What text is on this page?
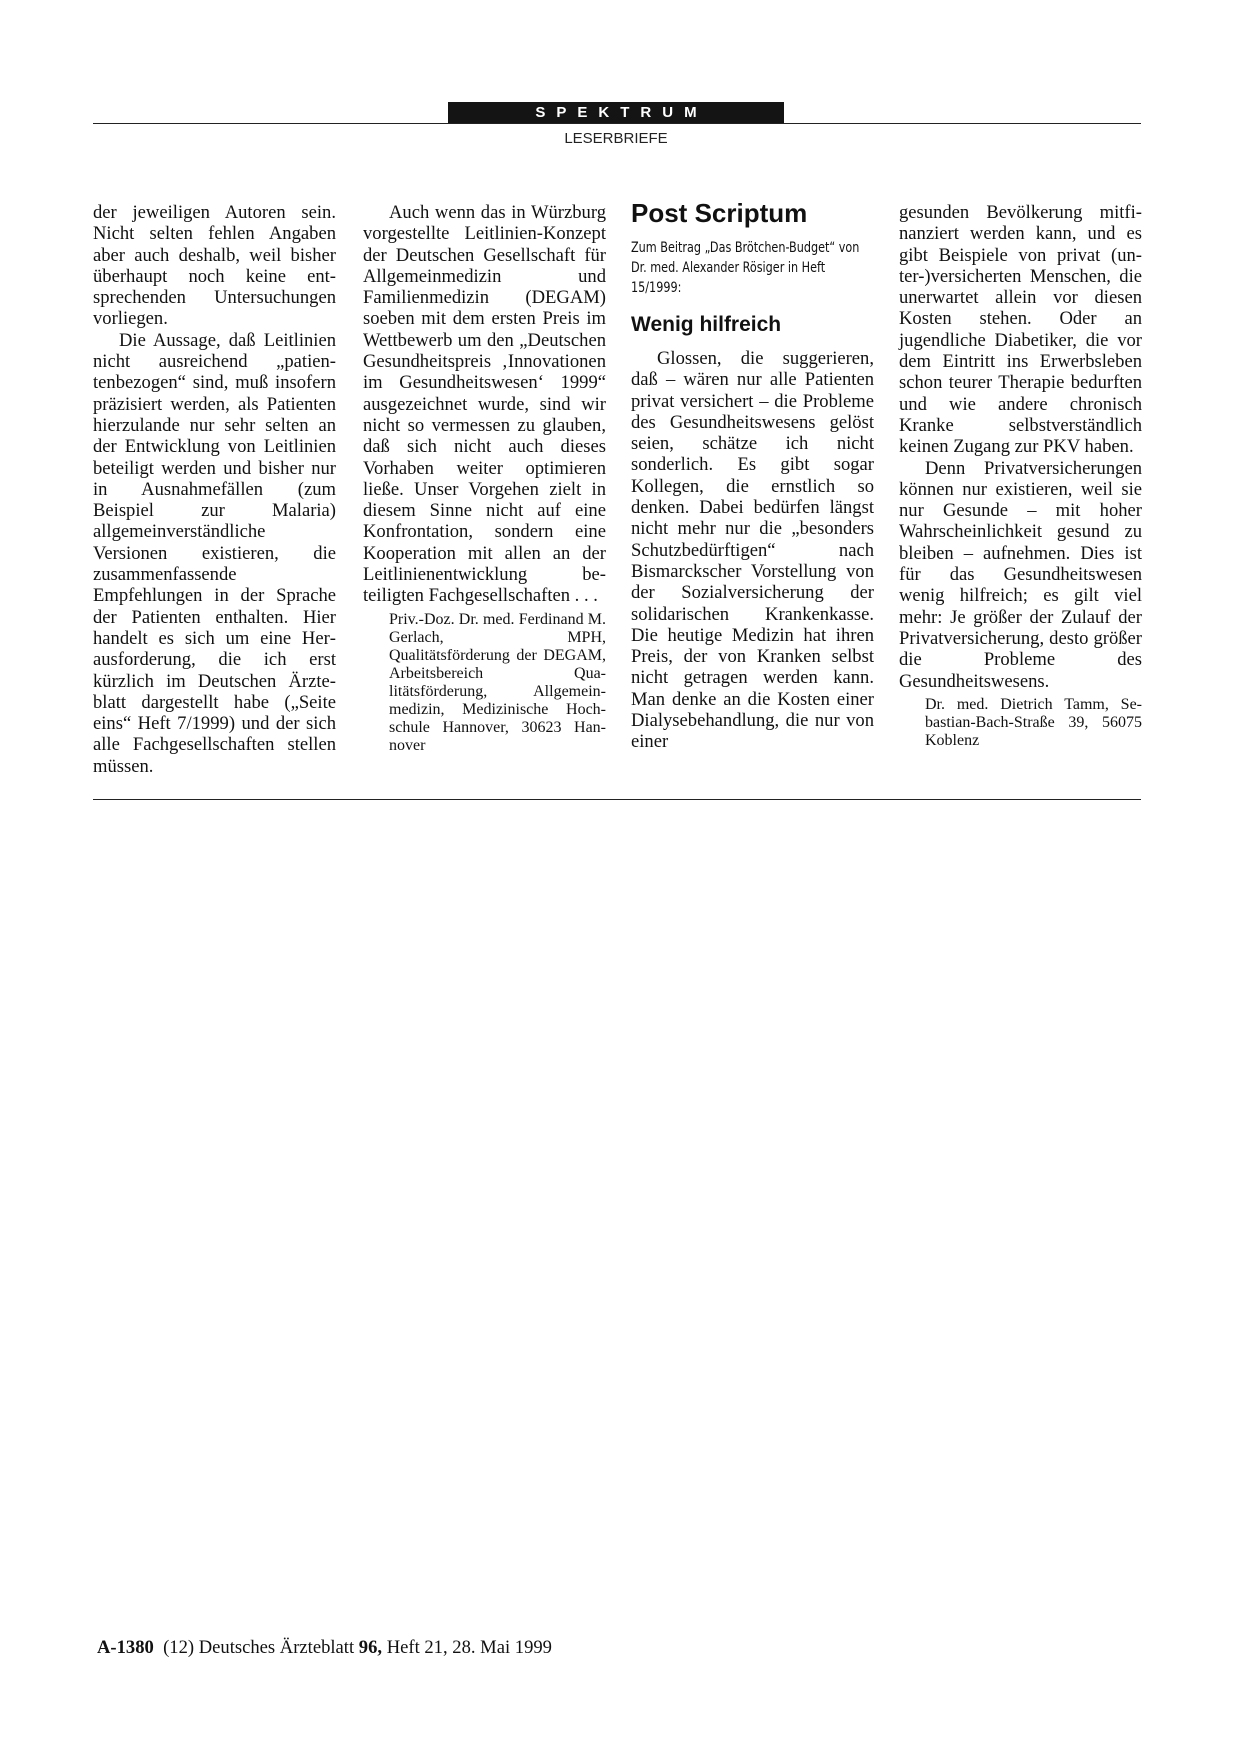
SPEKTRUM
LESERBRIEFE

der jeweiligen Autoren sein. Nicht selten fehlen Angaben aber auch deshalb, weil bisher überhaupt noch keine entsprechenden Untersuchungen vorliegen.

Die Aussage, daß Leitlinien nicht ausreichend „patientenbezogen“ sind, muß insofern präzisiert werden, als Patienten hierzulande nur sehr selten an der Entwicklung von Leitlinien beteiligt werden und bisher nur in Ausnahmefällen (zum Beispiel zur Malaria) allgemeinverständliche Versionen existieren, die zusammenfassende Empfehlungen in der Sprache der Patienten enthalten. Hier handelt es sich um eine Herausforderung, die ich erst kürzlich im Deutschen Ärzteblatt dargestellt habe („Seite eins“ Heft 7/1999) und der sich alle Fachgesellschaften stellen müssen.

Auch wenn das in Würzburg vorgestellte Leitlinien-Konzept der Deutschen Gesellschaft für Allgemeinmedizin und Familienmedizin (DEGAM) soeben mit dem ersten Preis im Wettbewerb um den „Deutschen Gesundheitspreis ‚Innovationen im Gesundheitswesen‘ 1999“ ausgezeichnet wurde, sind wir nicht so vermessen zu glauben, daß sich nicht auch dieses Vorhaben weiter optimieren ließe. Unser Vorgehen zielt in diesem Sinne nicht auf eine Konfrontation, sondern eine Kooperation mit allen an der Leitlinienentwicklung beteiligten Fachgesellschaften . . .

Priv.-Doz. Dr. med. Ferdinand M. Gerlach, MPH, Qualitätsförderung der DEGAM, Arbeitsbereich Qualitätsförderung, Allgemeinmedizin, Medizinische Hochschule Hannover, 30623 Hannover

Post Scriptum
Zum Beitrag „Das Brötchen-Budget“ von Dr. med. Alexander Rösiger in Heft 15/1999:
Wenig hilfreich

Glossen, die suggerieren, daß – wären nur alle Patienten privat versichert – die Probleme des Gesundheitswesens gelöst seien, schätze ich nicht sonderlich. Es gibt sogar Kollegen, die ernstlich so denken. Dabei bedürfen längst nicht mehr nur die „besonders Schutzbedürftigen“ nach Bismarckscher Vorstellung von der Sozialversicherung der solidarischen Krankenkasse. Die heutige Medizin hat ihren Preis, der von Kranken selbst nicht getragen werden kann. Man denke an die Kosten einer Dialysebehandlung, die nur von einer

gesunden Bevölkerung mitfinanziert werden kann, und es gibt Beispiele von privat (unter-)versicherten Menschen, die unerwartet allein vor diesen Kosten stehen. Oder an jugendliche Diabetiker, die vor dem Eintritt ins Erwerbsleben schon teurer Therapie bedurften und wie andere chronisch Kranke selbstverständlich keinen Zugang zur PKV haben.

Denn Privatversicherungen können nur existieren, weil sie nur Gesunde – mit hoher Wahrscheinlichkeit gesund zu bleiben – aufnehmen. Dies ist für das Gesundheitswesen wenig hilfreich; es gilt viel mehr: Je größer der Zulauf der Privatversicherung, desto größer die Probleme des Gesundheitswesens.

Dr. med. Dietrich Tamm, Sebastian-Bach-Straße 39, 56075 Koblenz

A-1380 (12) Deutsches Ärzteblatt 96, Heft 21, 28. Mai 1999
